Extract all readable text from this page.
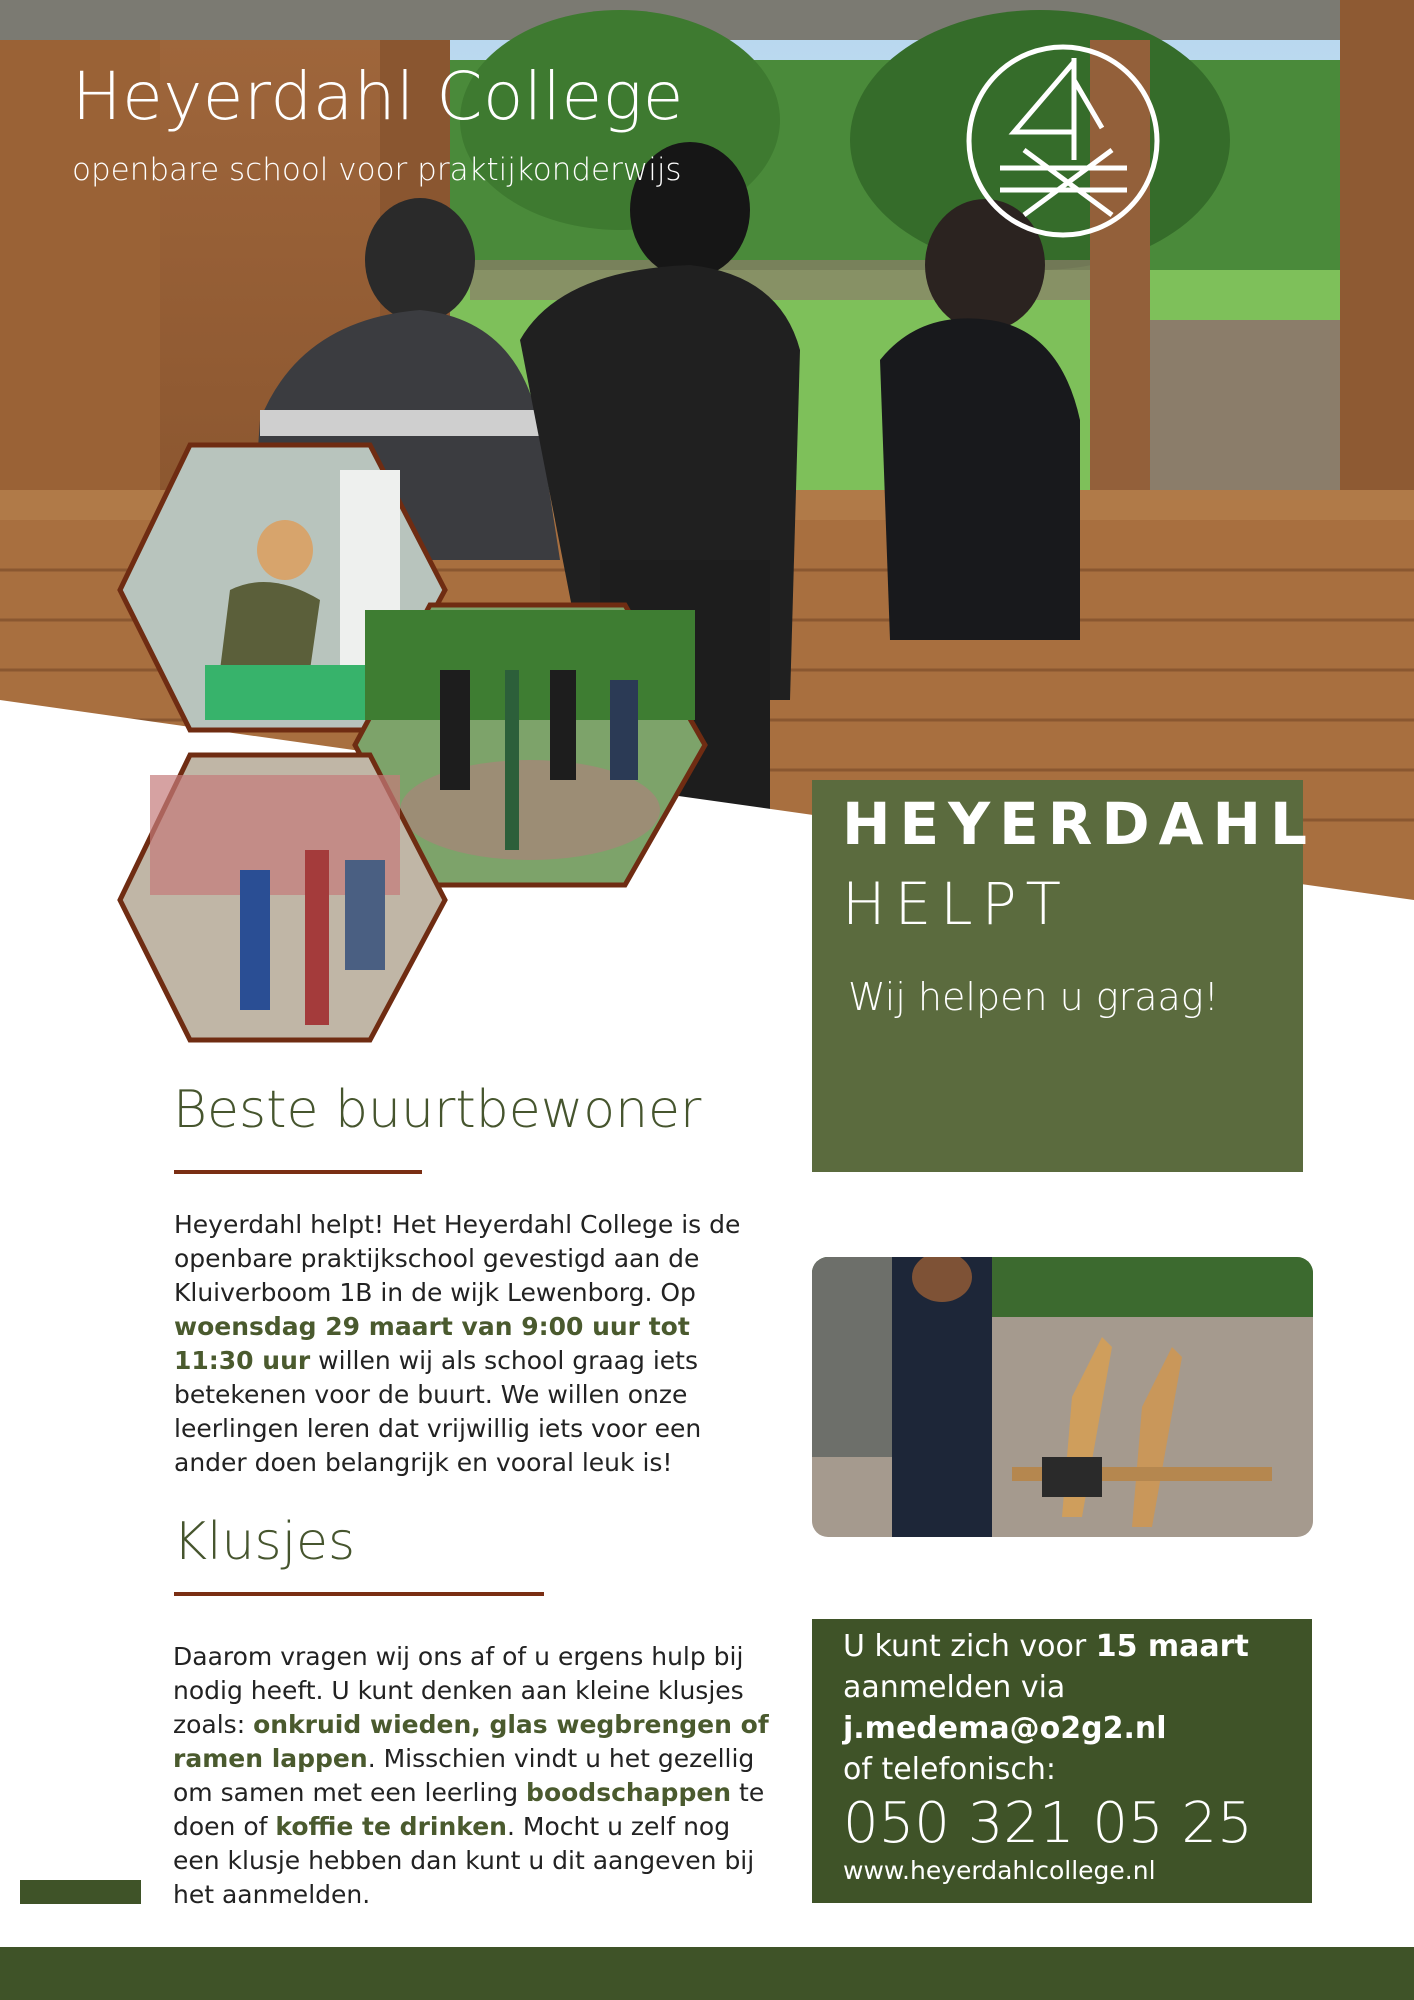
Heyerdahl College
openbare school voor praktijkonderwijs
HEYERDAHL
HELPT
Wij helpen u graag!
Beste buurtbewoner
Heyerdahl helpt! Het Heyerdahl College is de openbare praktijkschool gevestigd aan de Kluiverboom 1B in de wijk Lewenborg. Op woensdag 29 maart van 9:00 uur tot 11:30 uur willen wij als school graag iets betekenen voor de buurt. We willen onze leerlingen leren dat vrijwillig iets voor een ander doen belangrijk en vooral leuk is!
Klusjes
Daarom vragen wij ons af of u ergens hulp bij nodig heeft. U kunt denken aan kleine klusjes zoals: onkruid wieden, glas wegbrengen of ramen lappen. Misschien vindt u het gezellig om samen met een leerling boodschappen te doen of koffie te drinken. Mocht u zelf nog een klusje hebben dan kunt u dit aangeven bij het aanmelden.
U kunt zich voor 15 maart
aanmelden via
j.medema@o2g2.nl
of telefonisch:
050 321 05 25
www.heyerdahlcollege.nl
